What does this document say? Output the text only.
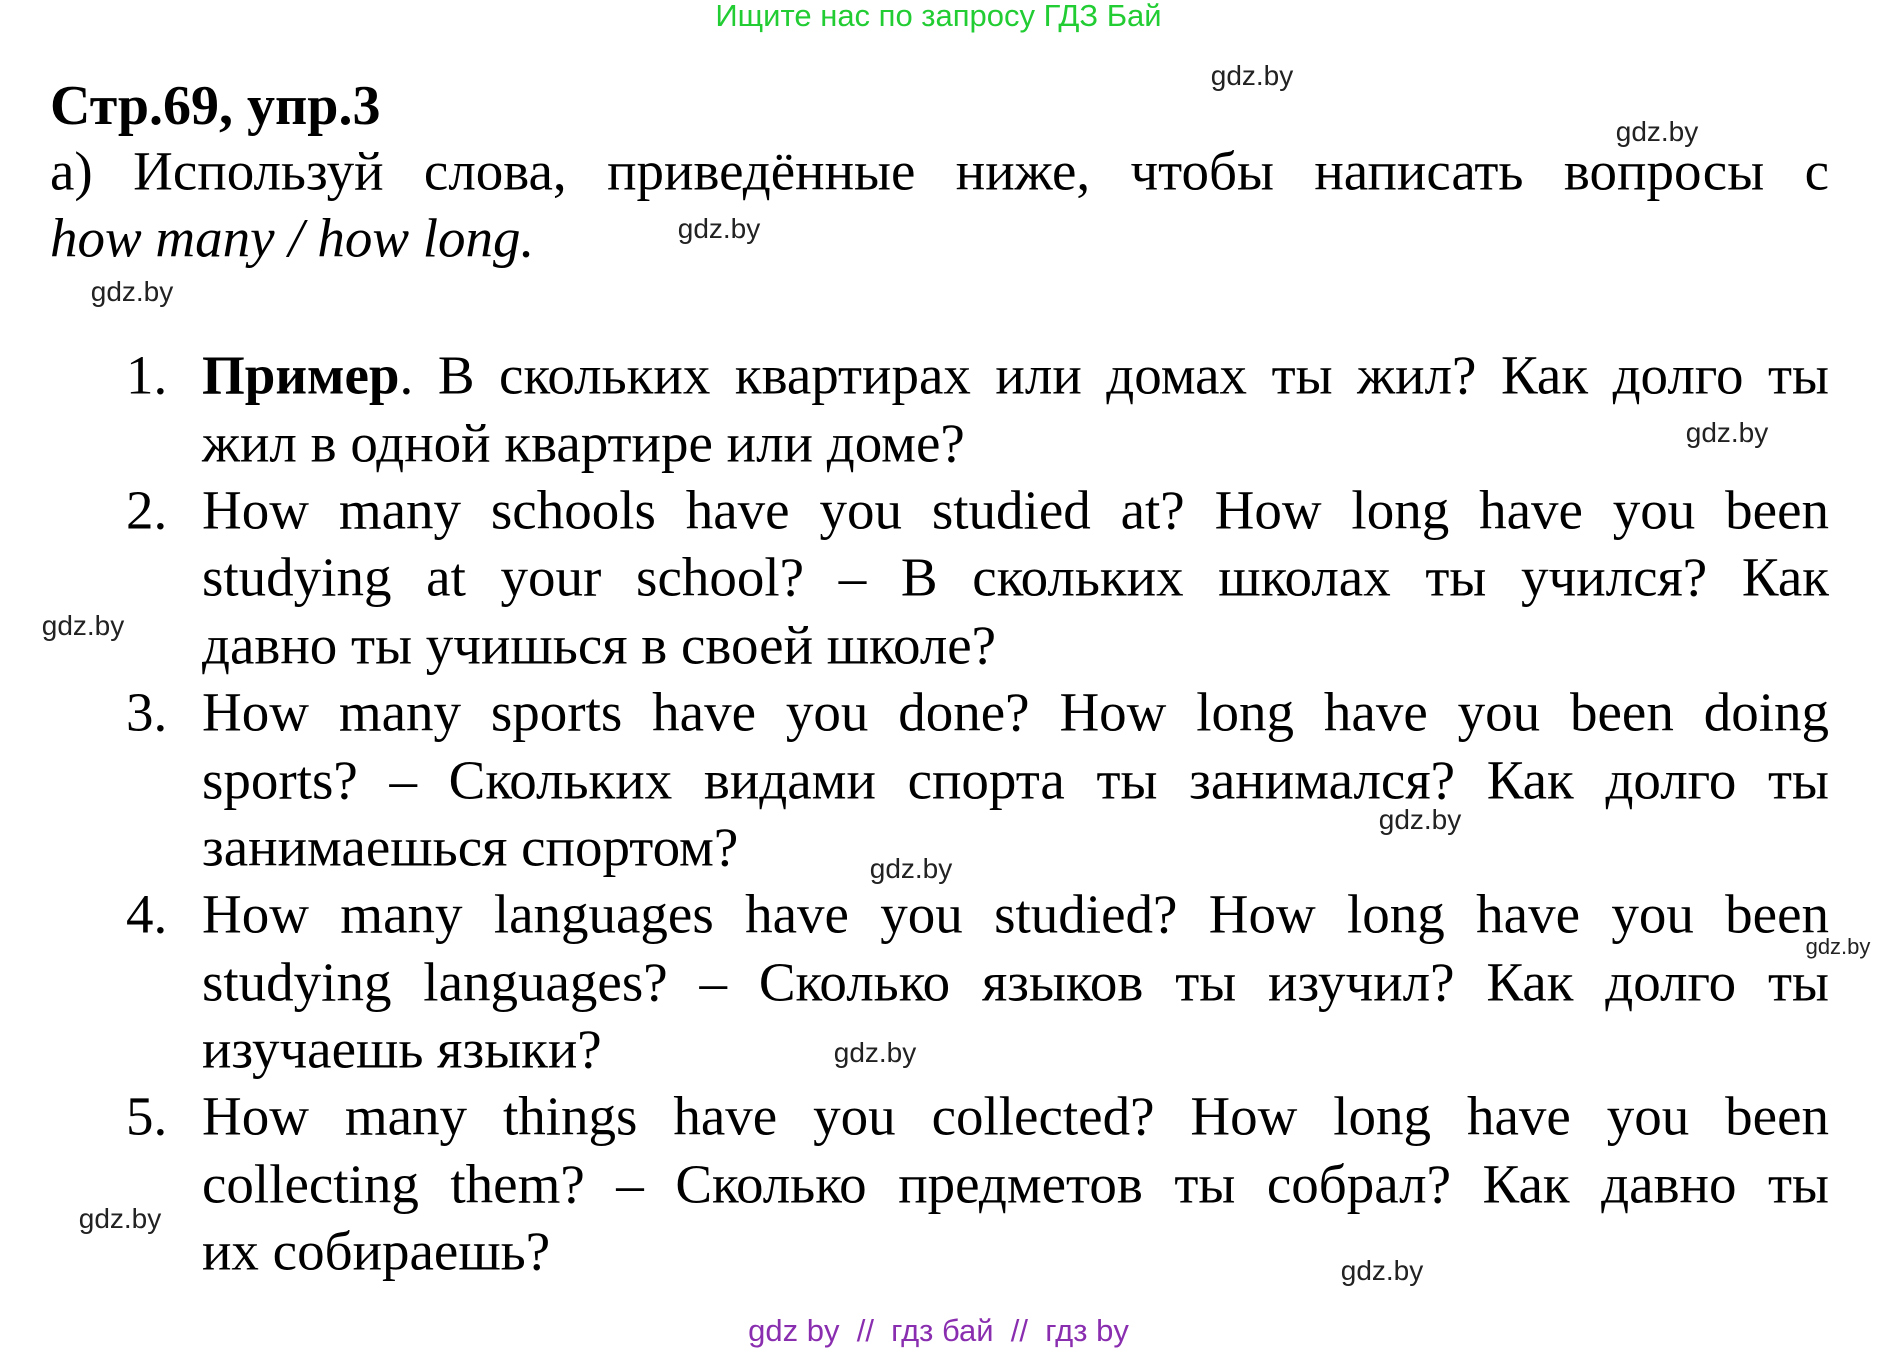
Ищите нас по запросу ГДЗ Бай
Стр.69, упр.3
а) Используй слова, приведённые ниже, чтобы написать вопросы с
how many / how long.
1. Пример. В скольких квартирах или домах ты жил? Как долго ты
жил в одной квартире или доме?
2. How many schools have you studied at? How long have you been
studying at your school? – В скольких школах ты учился? Как
давно ты учишься в своей школе?
3. How many sports have you done? How long have you been doing
sports? – Скольких видами спорта ты занимался? Как долго ты
занимаешься спортом?
4. How many languages have you studied? How long have you been
studying languages? – Сколько языков ты изучил? Как долго ты
изучаешь языки?
5. How many things have you collected? How long have you been
collecting them? – Сколько предметов ты собрал? Как давно ты
их собираешь?
gdz.by
gdz.by
gdz.by
gdz.by
gdz.by
gdz.by
gdz.by
gdz.by
gdz.by
gdz.by
gdz.by
gdz.by
gdz by  //  гдз бай  //  гдз by
